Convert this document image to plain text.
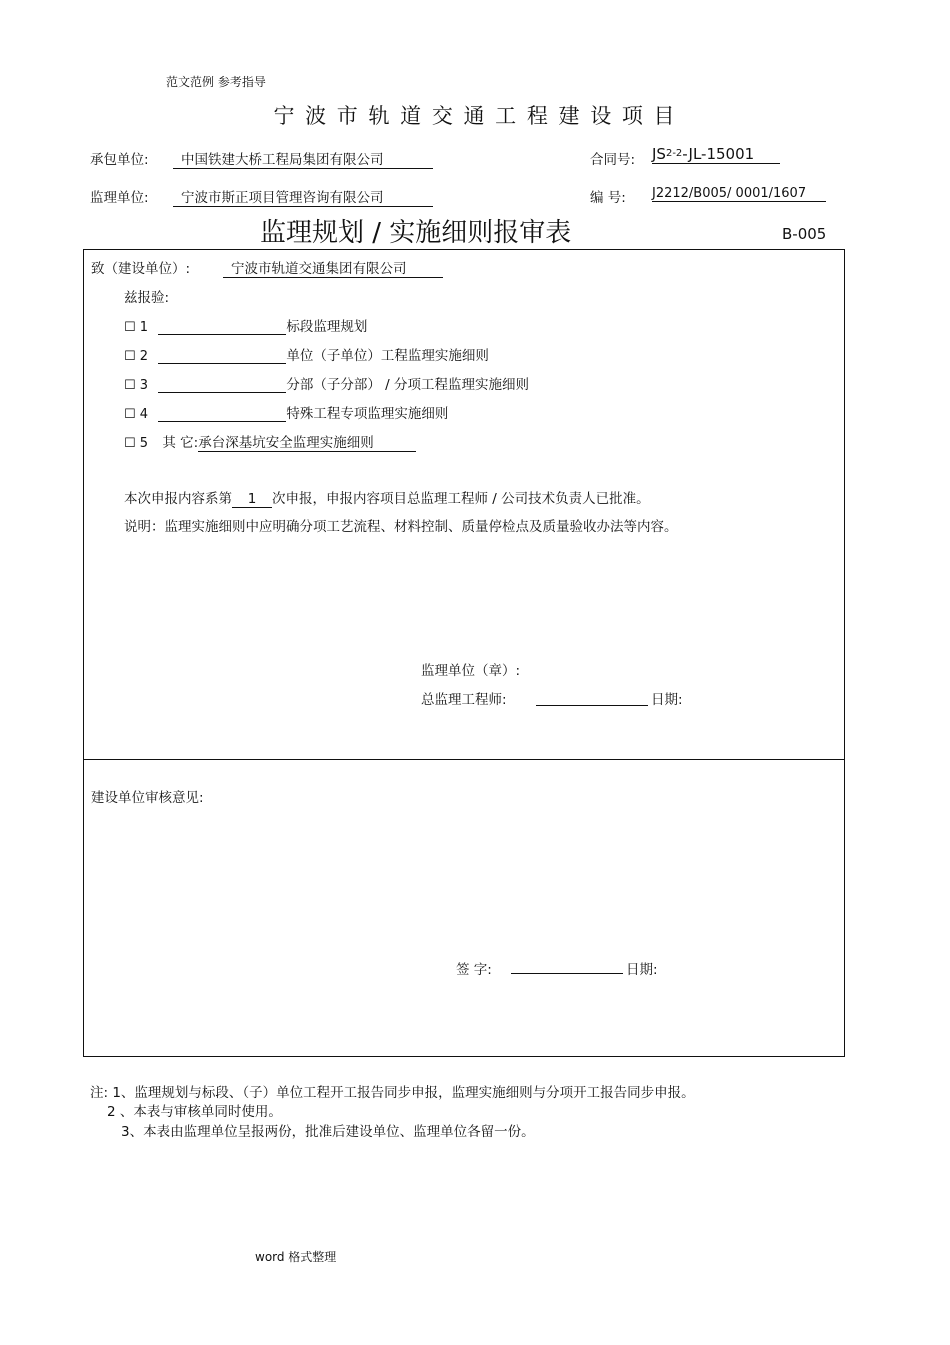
范文范例 参考指导
宁 波 市 轨 道 交 通 工 程 建 设 项 目
承包单位:	中国铁建大桥工程局集团有限公司	合同号: JS$^{2-2}$-JL-15001
监理单位:	宁波市斯正项目管理咨询有限公司	编 号: J2212/B005/ 0001/1607
监理规划 / 实施细则报审表	B-005
致（建设单位）:	宁波市轨道交通集团有限公司
兹报验:
☐ 1	标段监理规划
☐ 2	单位（子单位）工程监理实施细则
☐ 3	分部（子分部） / 分项工程监理实施细则
☐ 4	特殊工程专项监理实施细则
☐ 5 其 它:承台深基坑安全监理实施细则
本次申报内容系第 1 次申报，申报内容项目总监理工程师 / 公司技术负责人已批准。
说明：监理实施细则中应明确分项工艺流程、材料控制、质量停检点及质量验收办法等内容。
监理单位（章）:
总监理工程师:	日期:
建设单位审核意见:
签 字:	日期:
注: 1、监理规划与标段、（子）单位工程开工报告同步申报，监理实施细则与分项开工报告同步申报。
2 、本表与审核单同时使用。
3、本表由监理单位呈报两份，批准后建设单位、监理单位各留一份。
word 格式整理
